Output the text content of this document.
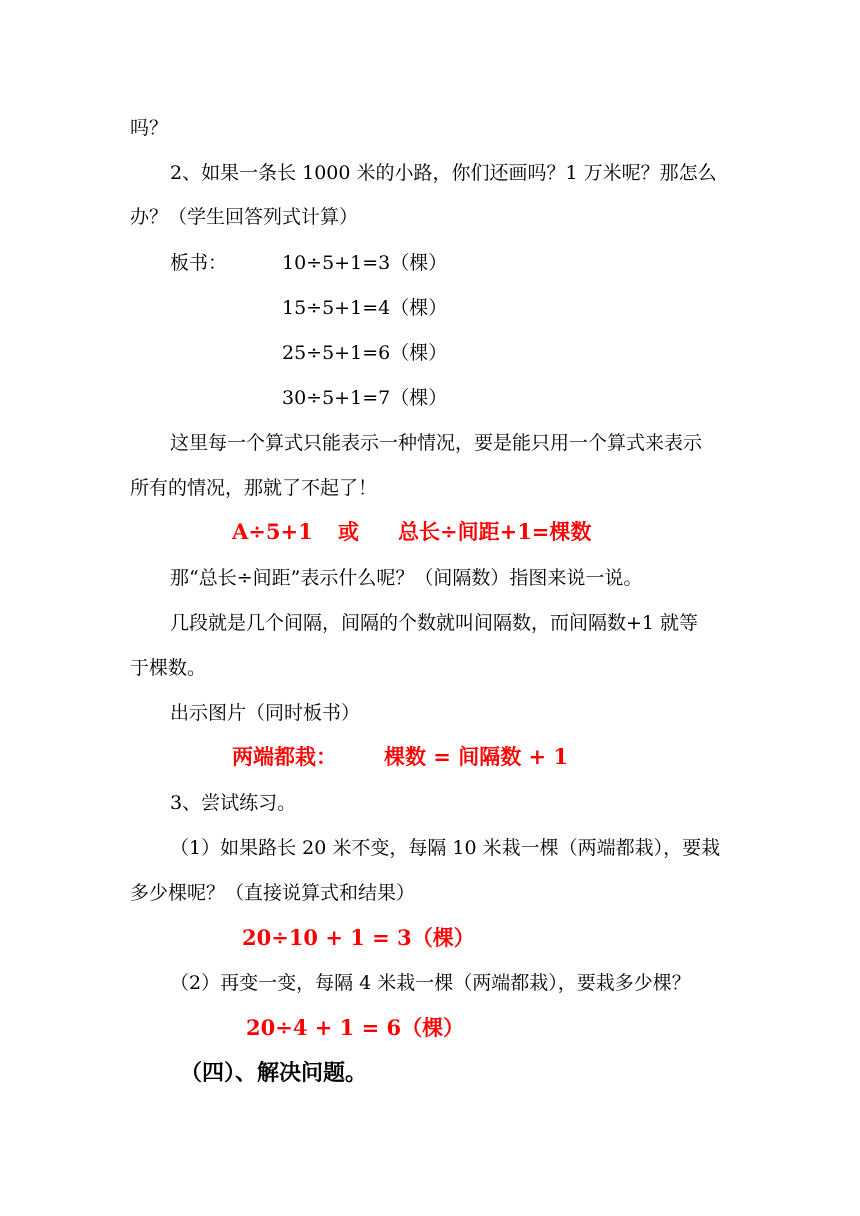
吗？
2、如果一条长 1000 米的小路，你们还画吗？1 万米呢？那怎么
办？（学生回答列式计算）
板书：	10÷5+1=3（棵）
15÷5+1=4（棵）
25÷5+1=6（棵）
30÷5+1=7（棵）
这里每一个算式只能表示一种情况，要是能只用一个算式来表示
所有的情况，那就了不起了！
A÷5+1 或 总长÷间距+1=棵数
那“总长÷间距”表示什么呢？（间隔数）指图来说一说。
几段就是几个间隔，间隔的个数就叫间隔数，而间隔数+1 就等
于棵数。
出示图片（同时板书）
两端都栽： 棵数 = 间隔数 + 1
3、尝试练习。
（1）如果路长 20 米不变，每隔 10 米栽一棵（两端都栽），要栽
多少棵呢？（直接说算式和结果）
20÷10 + 1 = 3（棵）
（2）再变一变，每隔 4 米栽一棵（两端都栽），要栽多少棵？
20÷4 + 1 = 6（棵）
（四）、解决问题。
